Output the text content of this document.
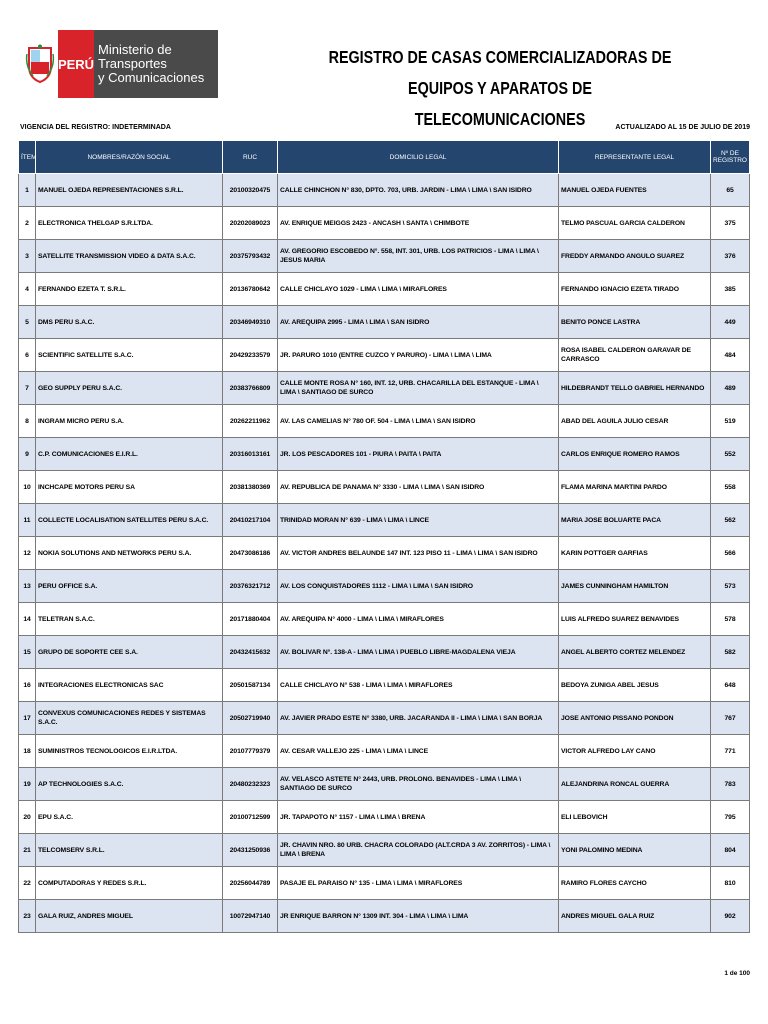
PERÚ
Ministerio de Transportes
y Comunicaciones
REGISTRO DE CASAS COMERCIALIZADORAS DE EQUIPOS Y APARATOS DE
TELECOMUNICACIONES
VIGENCIA DEL REGISTRO: INDETERMINADA	ACTUALIZADO AL 15 DE JULIO DE 2019
ÍTEM	NOMBRES/RAZÓN SOCIAL	RUC	DOMICILIO LEGAL	REPRESENTANTE LEGAL	Nº DE REGISTRO
1	MANUEL OJEDA REPRESENTACIONES S.R.L.	20100320475	CALLE CHINCHON N° 830, DPTO. 703, URB. JARDIN - LIMA \ LIMA \ SAN ISIDRO	MANUEL OJEDA FUENTES	65
2	ELECTRONICA THELGAP S.R.LTDA.	20202089023	AV. ENRIQUE MEIGGS 2423 - ANCASH \ SANTA \ CHIMBOTE	TELMO PASCUAL GARCIA CALDERON	375
3	SATELLITE TRANSMISSION VIDEO & DATA S.A.C.	20375793432	AV. GREGORIO ESCOBEDO N°. 558, INT. 301, URB. LOS PATRICIOS - LIMA \ LIMA \ JESUS MARIA	FREDDY ARMANDO ANGULO SUAREZ	376
4	FERNANDO EZETA T. S.R.L.	20136780642	CALLE CHICLAYO 1029 - LIMA \ LIMA \ MIRAFLORES	FERNANDO IGNACIO EZETA TIRADO	385
5	DMS PERU S.A.C.	20346949310	AV. AREQUIPA 2995 - LIMA \ LIMA \ SAN ISIDRO	BENITO PONCE LASTRA	449
6	SCIENTIFIC SATELLITE S.A.C.	20429233579	JR. PARURO 1010 (ENTRE CUZCO Y PARURO) - LIMA \ LIMA \ LIMA	ROSA ISABEL CALDERON GARAVAR DE CARRASCO	484
7	GEO SUPPLY PERU S.A.C.	20383766809	CALLE MONTE ROSA N° 160, INT. 12, URB. CHACARILLA DEL ESTANQUE - LIMA \ LIMA \ SANTIAGO DE SURCO	HILDEBRANDT TELLO GABRIEL HERNANDO	489
8	INGRAM MICRO PERU S.A.	20262211962	AV. LAS CAMELIAS N° 780 OF. 504 - LIMA \ LIMA \ SAN ISIDRO	ABAD DEL AGUILA JULIO CESAR	519
9	C.P. COMUNICACIONES E.I.R.L.	20316013161	JR. LOS PESCADORES 101 - PIURA \ PAITA \ PAITA	CARLOS ENRIQUE ROMERO RAMOS	552
10	INCHCAPE MOTORS PERU SA	20381380369	AV. REPUBLICA DE PANAMA N° 3330 - LIMA \ LIMA \ SAN ISIDRO	FLAMA MARINA MARTINI PARDO	558
11	COLLECTE LOCALISATION SATELLITES PERU S.A.C.	20410217104	TRINIDAD MORAN N° 639 - LIMA \ LIMA \ LINCE	MARIA JOSE BOLUARTE PACA	562
12	NOKIA SOLUTIONS AND NETWORKS PERU S.A.	20473086186	AV. VICTOR ANDRES BELAUNDE 147 INT. 123 PISO 11 - LIMA \ LIMA \ SAN ISIDRO	KARIN POTTGER GARFIAS	566
13	PERU OFFICE S.A.	20376321712	AV. LOS CONQUISTADORES 1112 - LIMA \ LIMA \ SAN ISIDRO	JAMES CUNNINGHAM HAMILTON	573
14	TELETRAN S.A.C.	20171880404	AV. AREQUIPA N° 4000 - LIMA \ LIMA \ MIRAFLORES	LUIS ALFREDO SUAREZ BENAVIDES	578
15	GRUPO DE SOPORTE CEE S.A.	20432415632	AV. BOLIVAR N°. 138-A - LIMA \ LIMA \ PUEBLO LIBRE-MAGDALENA VIEJA	ANGEL ALBERTO CORTEZ MELENDEZ	582
16	INTEGRACIONES ELECTRONICAS SAC	20501587134	CALLE CHICLAYO N° 538 - LIMA \ LIMA \ MIRAFLORES	BEDOYA ZUNIGA ABEL JESUS	648
17	CONVEXUS COMUNICACIONES REDES Y SISTEMAS S.A.C.	20502719940	AV. JAVIER PRADO ESTE N° 3380, URB. JACARANDA II - LIMA \ LIMA \ SAN BORJA	JOSE ANTONIO PISSANO PONDON	767
18	SUMINISTROS TECNOLOGICOS E.I.R.LTDA.	20107779379	AV. CESAR VALLEJO 225 - LIMA \ LIMA \ LINCE	VICTOR ALFREDO LAY CANO	771
19	AP TECHNOLOGIES S.A.C.	20480232323	AV. VELASCO ASTETE N° 2443, URB. PROLONG. BENAVIDES - LIMA \ LIMA \ SANTIAGO DE SURCO	ALEJANDRINA RONCAL GUERRA	783
20	EPU S.A.C.	20100712599	JR. TAPAPOTO N° 1157 - LIMA \ LIMA \ BRENA	ELI LEBOVICH	795
21	TELCOMSERV S.R.L.	20431250936	JR. CHAVIN NRO. 80 URB. CHACRA COLORADO (ALT.CRDA 3 AV. ZORRITOS) - LIMA \ LIMA \ BRENA	YONI PALOMINO MEDINA	804
22	COMPUTADORAS Y REDES S.R.L.	20256044789	PASAJE EL PARAISO N° 135 - LIMA \ LIMA \ MIRAFLORES	RAMIRO FLORES CAYCHO	810
23	GALA RUIZ, ANDRES MIGUEL	10072947140	JR ENRIQUE BARRON N° 1309 INT. 304 - LIMA \ LIMA \ LIMA	ANDRES MIGUEL GALA RUIZ	902
1 de 100
